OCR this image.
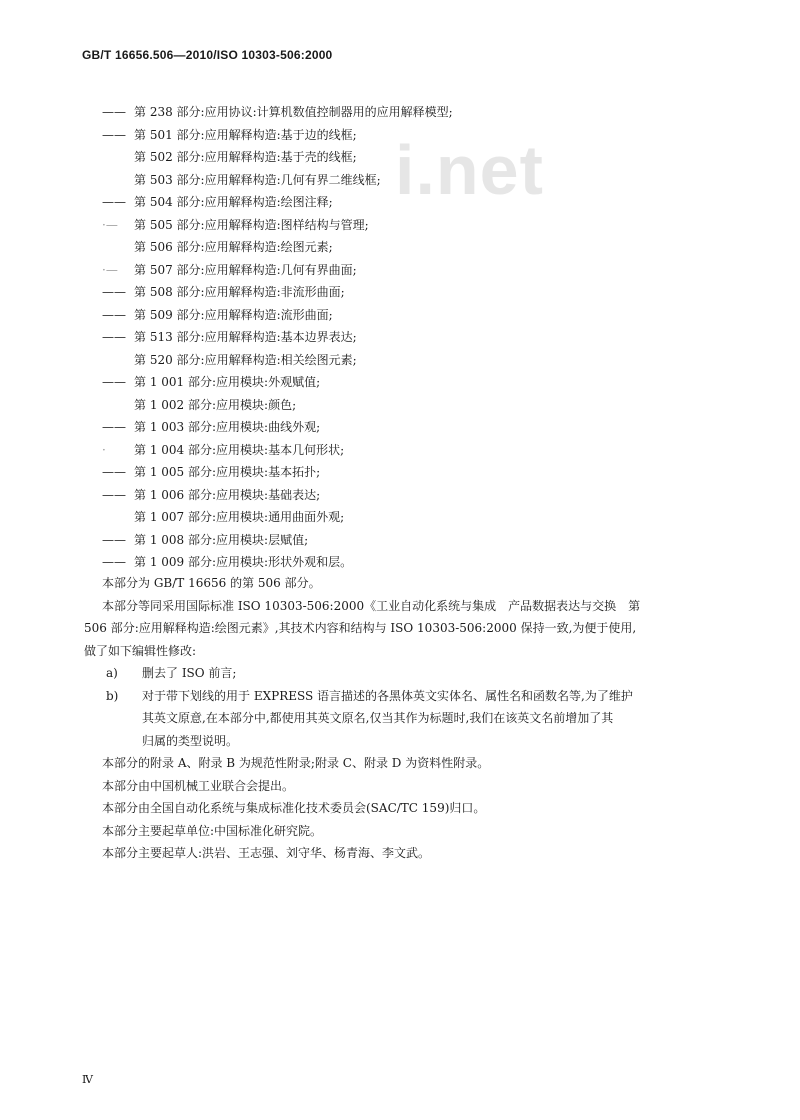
GB/T 16656.506—2010/ISO 10303-506:2000
i.net
—— 第 238 部分:应用协议:计算机数值控制器用的应用解释模型;
—— 第 501 部分:应用解释构造:基于边的线框;
第 502 部分:应用解释构造:基于壳的线框;
第 503 部分:应用解释构造:几何有界二维线框;
—— 第 504 部分:应用解释构造:绘图注释;
·— 第 505 部分:应用解释构造:图样结构与管理;
第 506 部分:应用解释构造:绘图元素;
·— 第 507 部分:应用解释构造:几何有界曲面;
—— 第 508 部分:应用解释构造:非流形曲面;
—— 第 509 部分:应用解释构造:流形曲面;
—— 第 513 部分:应用解释构造:基本边界表达;
第 520 部分:应用解释构造:相关绘图元素;
—— 第 1 001 部分:应用模块:外观赋值;
第 1 002 部分:应用模块:颜色;
—— 第 1 003 部分:应用模块:曲线外观;
· 第 1 004 部分:应用模块:基本几何形状;
—— 第 1 005 部分:应用模块:基本拓扑;
—— 第 1 006 部分:应用模块:基础表达;
第 1 007 部分:应用模块:通用曲面外观;
—— 第 1 008 部分:应用模块:层赋值;
—— 第 1 009 部分:应用模块:形状外观和层。
本部分为 GB/T 16656 的第 506 部分。
本部分等同采用国际标准 ISO 10303-506:2000《工业自动化系统与集成　产品数据表达与交换　第
506 部分:应用解释构造:绘图元素》,其技术内容和结构与 ISO 10303-506:2000 保持一致,为便于使用,
做了如下编辑性修改:
a)	删去了 ISO 前言;
b)	对于带下划线的用于 EXPRESS 语言描述的各黑体英文实体名、属性名和函数名等,为了维护
其英文原意,在本部分中,都使用其英文原名,仅当其作为标题时,我们在该英文名前增加了其
归属的类型说明。
本部分的附录 A、附录 B 为规范性附录;附录 C、附录 D 为资料性附录。
本部分由中国机械工业联合会提出。
本部分由全国自动化系统与集成标准化技术委员会(SAC/TC 159)归口。
本部分主要起草单位:中国标准化研究院。
本部分主要起草人:洪岩、王志强、刘守华、杨青海、李文武。
Ⅳ
